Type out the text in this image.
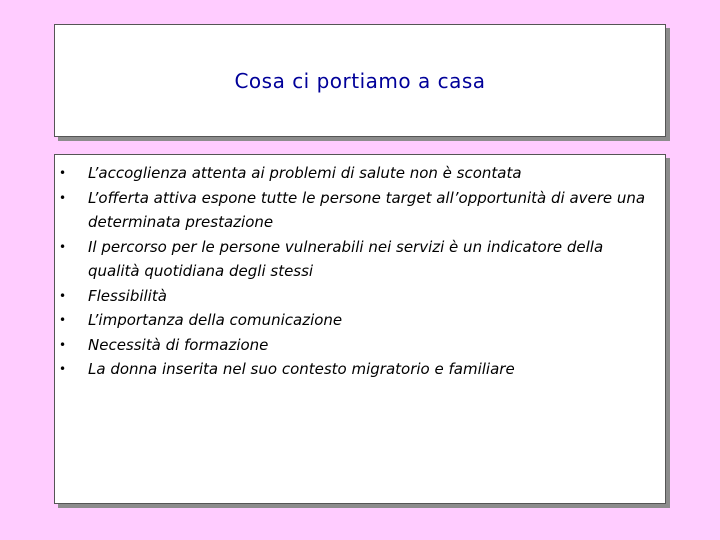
Cosa ci portiamo a casa
• L’accoglienza attenta ai problemi di salute non è scontata
• L’offerta attiva espone tutte le persone target all’opportunità di avere una determinata prestazione
• Il percorso per le persone vulnerabili nei servizi è un indicatore della qualità quotidiana degli stessi
• Flessibilità
• L’importanza della comunicazione
• Necessità di formazione
• La donna inserita nel suo contesto migratorio e familiare
